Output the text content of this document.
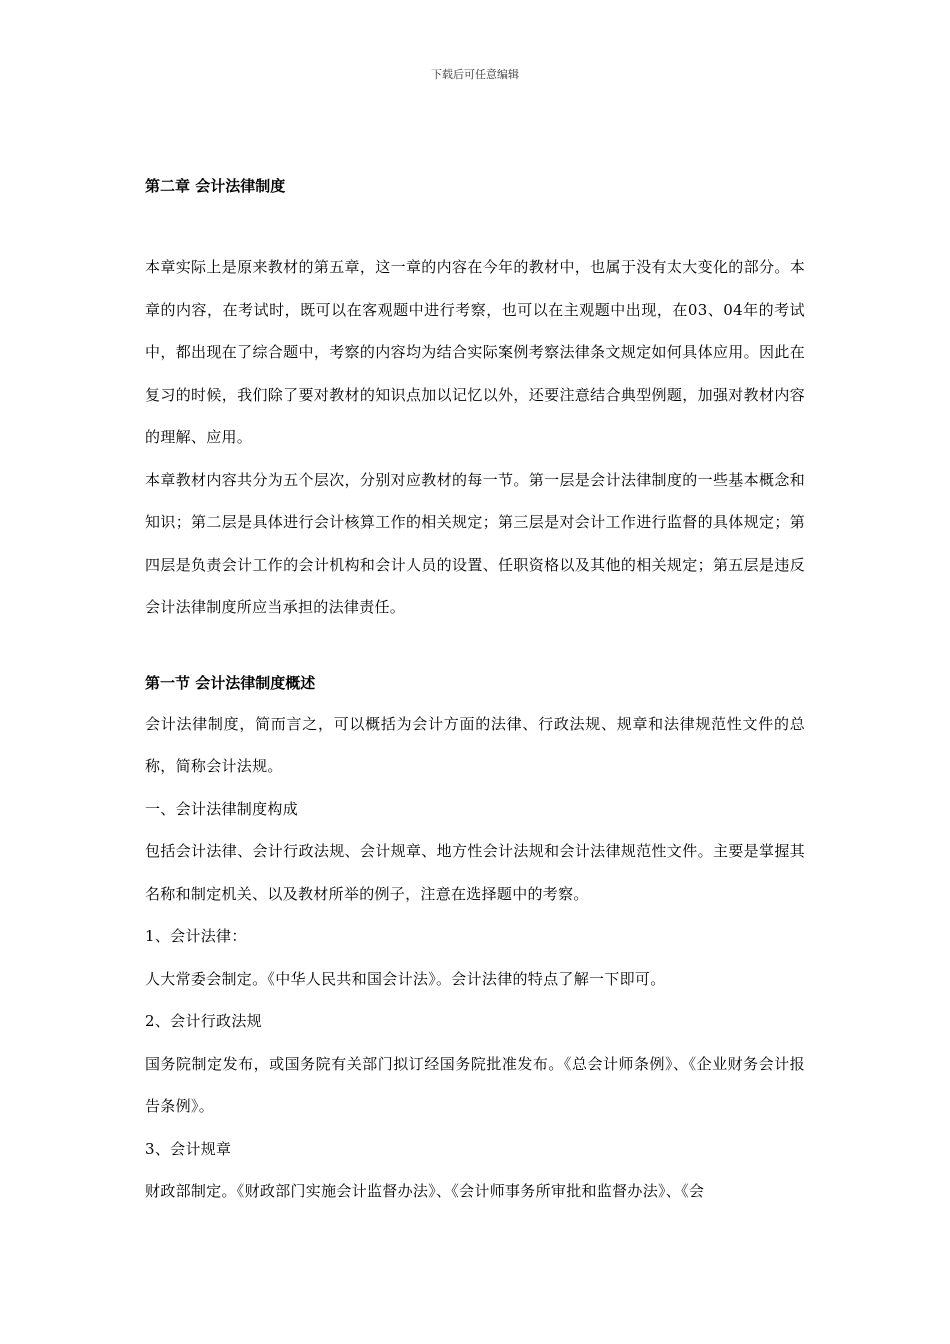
下载后可任意编辑

第二章 会计法律制度

本章实际上是原来教材的第五章，这一章的内容在今年的教材中，也属于没有太大变化的部分。本章的内容，在考试时，既可以在客观题中进行考察，也可以在主观题中出现，在03、04年的考试中，都出现在了综合题中，考察的内容均为结合实际案例考察法律条文规定如何具体应用。因此在复习的时候，我们除了要对教材的知识点加以记忆以外，还要注意结合典型例题，加强对教材内容的理解、应用。

本章教材内容共分为五个层次，分别对应教材的每一节。第一层是会计法律制度的一些基本概念和知识；第二层是具体进行会计核算工作的相关规定；第三层是对会计工作进行监督的具体规定；第四层是负责会计工作的会计机构和会计人员的设置、任职资格以及其他的相关规定；第五层是违反会计法律制度所应当承担的法律责任。

第一节 会计法律制度概述

会计法律制度，简而言之，可以概括为会计方面的法律、行政法规、规章和法律规范性文件的总称，简称会计法规。

一、会计法律制度构成

包括会计法律、会计行政法规、会计规章、地方性会计法规和会计法律规范性文件。主要是掌握其名称和制定机关、以及教材所举的例子，注意在选择题中的考察。

1、会计法律：

人大常委会制定。《中华人民共和国会计法》。会计法律的特点了解一下即可。

2、会计行政法规

国务院制定发布，或国务院有关部门拟订经国务院批准发布。《总会计师条例》、《企业财务会计报告条例》。

3、会计规章

财政部制定。《财政部门实施会计监督办法》、《会计师事务所审批和监督办法》、《会
